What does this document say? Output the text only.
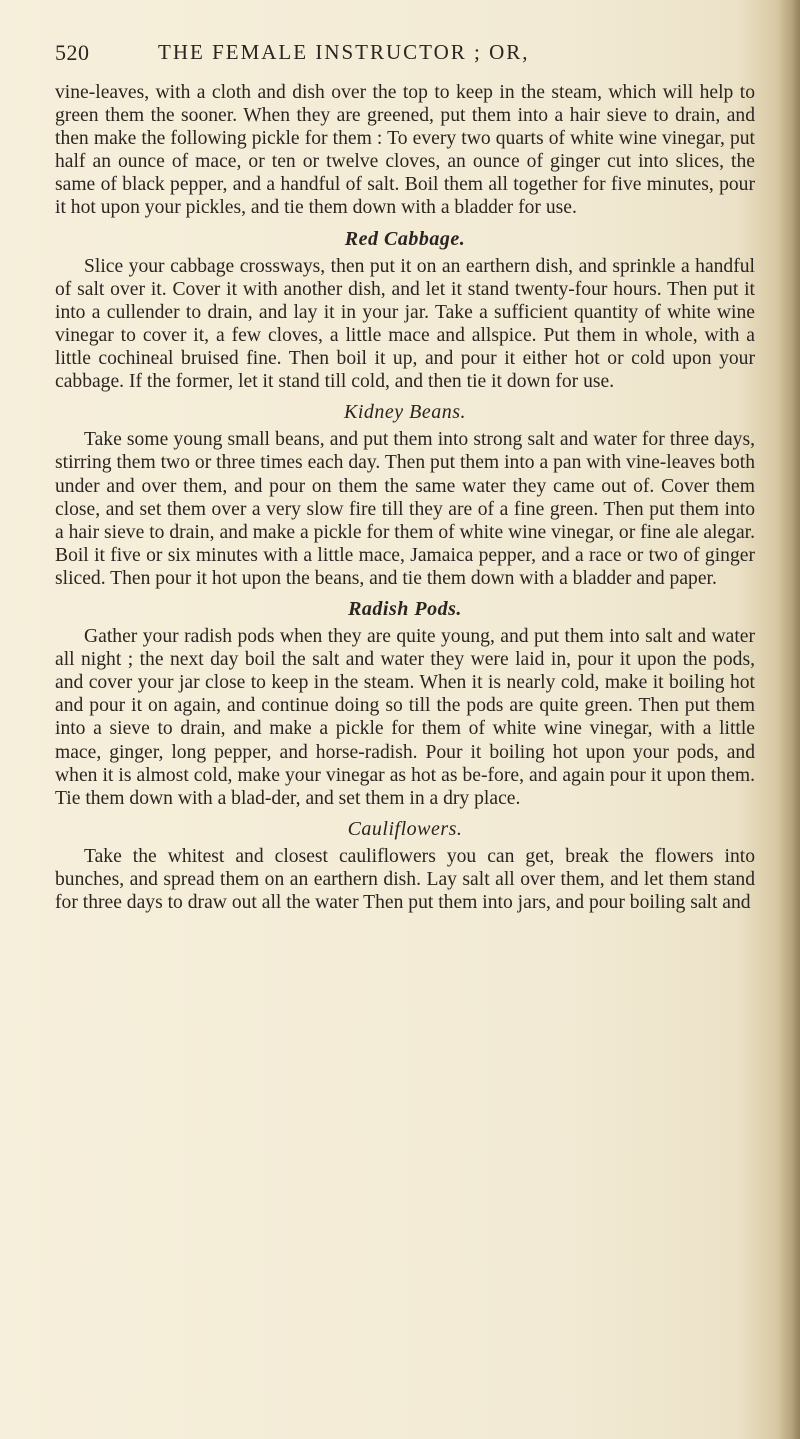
520	THE FEMALE INSTRUCTOR ; OR,

vine-leaves, with a cloth and dish over the top to keep in the steam, which will help to green them the sooner. When they are greened, put them into a hair sieve to drain, and then make the following pickle for them : To every two quarts of white wine vinegar, put half an ounce of mace, or ten or twelve cloves, an ounce of ginger cut into slices, the same of black pepper, and a handful of salt. Boil them all together for five minutes, pour it hot upon your pickles, and tie them down with a bladder for use.

Red Cabbage.

Slice your cabbage crossways, then put it on an earthern dish, and sprinkle a handful of salt over it. Cover it with another dish, and let it stand twenty-four hours. Then put it into a cullender to drain, and lay it in your jar. Take a sufficient quantity of white wine vinegar to cover it, a few cloves, a little mace and allspice. Put them in whole, with a little cochineal bruised fine. Then boil it up, and pour it either hot or cold upon your cabbage. If the former, let it stand till cold, and then tie it down for use.

Kidney Beans.

Take some young small beans, and put them into strong salt and water for three days, stirring them two or three times each day. Then put them into a pan with vine-leaves both under and over them, and pour on them the same water they came out of. Cover them close, and set them over a very slow fire till they are of a fine green. Then put them into a hair sieve to drain, and make a pickle for them of white wine vinegar, or fine ale alegar. Boil it five or six minutes with a little mace, Jamaica pepper, and a race or two of ginger sliced. Then pour it hot upon the beans, and tie them down with a bladder and paper.

Radish Pods.

Gather your radish pods when they are quite young, and put them into salt and water all night ; the next day boil the salt and water they were laid in, pour it upon the pods, and cover your jar close to keep in the steam. When it is nearly cold, make it boiling hot and pour it on again, and continue doing so till the pods are quite green. Then put them into a sieve to drain, and make a pickle for them of white wine vinegar, with a little mace, ginger, long pepper, and horse-radish. Pour it boiling hot upon your pods, and when it is almost cold, make your vinegar as hot as be-fore, and again pour it upon them. Tie them down with a blad-der, and set them in a dry place.

Cauliflowers.

Take the whitest and closest cauliflowers you can get, break the flowers into bunches, and spread them on an earthern dish. Lay salt all over them, and let them stand for three days to draw out all the water Then put them into jars, and pour boiling salt and
